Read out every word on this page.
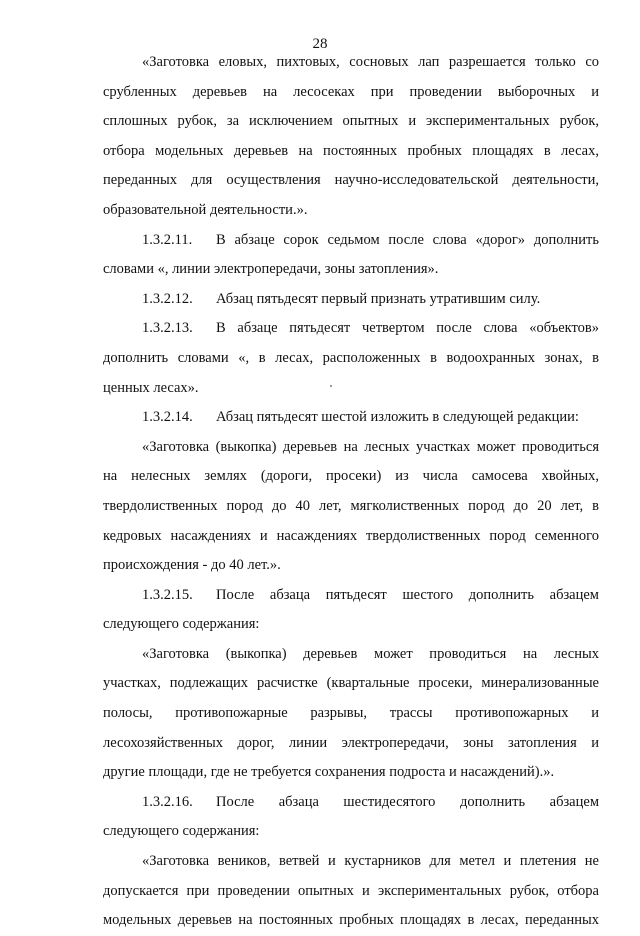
28
«Заготовка еловых, пихтовых, сосновых лап разрешается только со
срубленных деревьев на лесосеках при проведении выборочных и
сплошных рубок, за исключением опытных и экспериментальных рубок,
отбора модельных деревьев на постоянных пробных площадях в лесах,
переданных для осуществления научно-исследовательской деятельности,
образовательной деятельности.».
1.3.2.11. В абзаце сорок седьмом после слова «дорог» дополнить
словами «, линии электропередачи, зоны затопления».
1.3.2.12. Абзац пятьдесят первый признать утратившим силу.
1.3.2.13. В абзаце пятьдесят четвертом после слова «объектов»
дополнить словами «, в лесах, расположенных в водоохранных зонах, в
ценных лесах».
1.3.2.14. Абзац пятьдесят шестой изложить в следующей редакции:
«Заготовка (выкопка) деревьев на лесных участках может проводиться
на нелесных землях (дороги, просеки) из числа самосева хвойных,
твердолиственных пород до 40 лет, мягколиственных пород до 20 лет, в
кедровых насаждениях и насаждениях твердолиственных пород семенного
происхождения - до 40 лет.».
1.3.2.15. После абзаца пятьдесят шестого дополнить абзацем
следующего содержания:
«Заготовка (выкопка) деревьев может проводиться на лесных
участках, подлежащих расчистке (квартальные просеки, минерализованные
полосы, противопожарные разрывы, трассы противопожарных и
лесохозяйственных дорог, линии электропередачи, зоны затопления и
другие площади, где не требуется сохранения подроста и насаждений).».
1.3.2.16. После абзаца шестидесятого дополнить абзацем
следующего содержания:
«Заготовка веников, ветвей и кустарников для метел и плетения не
допускается при проведении опытных и экспериментальных рубок, отбора
модельных деревьев на постоянных пробных площадях в лесах, переданных
